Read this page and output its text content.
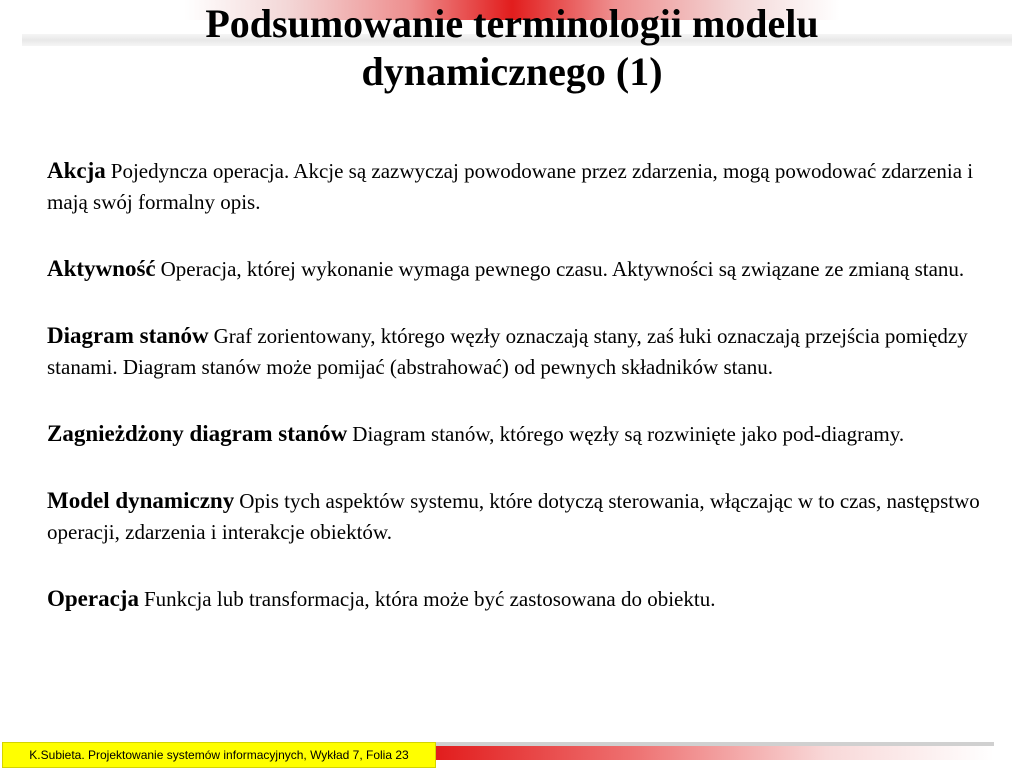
Podsumowanie terminologii modelu
dynamicznego (1)

Akcja Pojedyncza operacja. Akcje są zazwyczaj powodowane przez zdarzenia, mogą powodować zdarzenia i mają swój formalny opis.

Aktywność Operacja, której wykonanie wymaga pewnego czasu. Aktywności są związane ze zmianą stanu.

Diagram stanów Graf zorientowany, którego węzły oznaczają stany, zaś łuki oznaczają przejścia pomiędzy stanami. Diagram stanów może pomijać (abstrahować) od pewnych składników stanu.

Zagnieżdżony diagram stanów Diagram stanów, którego węzły są rozwinięte jako pod-diagramy.

Model dynamiczny Opis tych aspektów systemu, które dotyczą sterowania, włączając w to czas, następstwo operacji, zdarzenia i interakcje obiektów.

Operacja Funkcja lub transformacja, która może być zastosowana do obiektu.

K.Subieta. Projektowanie systemów informacyjnych, Wykład 7, Folia 23
